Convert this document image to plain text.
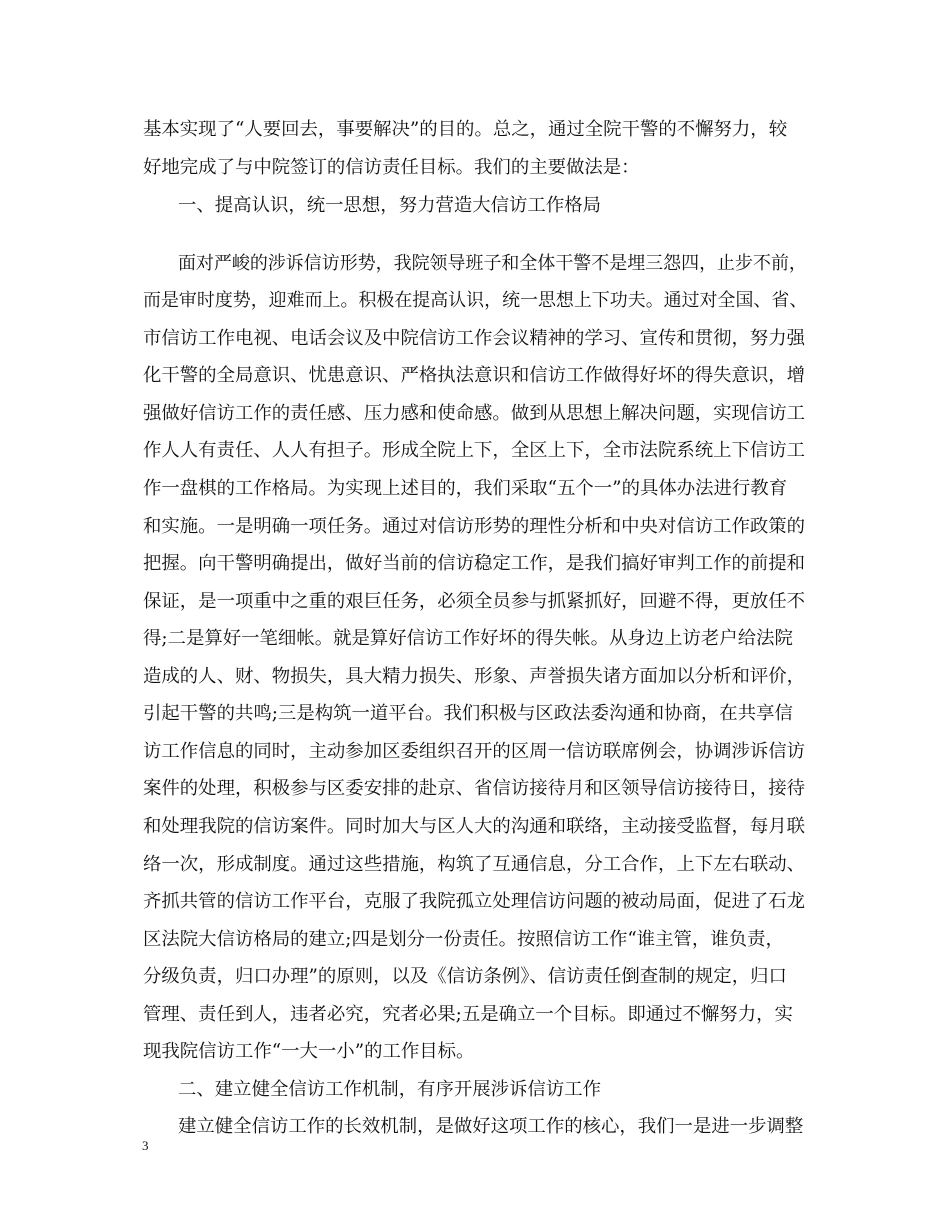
基本实现了“人要回去，事要解决”的目的。总之，通过全院干警的不懈努力，较
好地完成了与中院签订的信访责任目标。我们的主要做法是：
一、提高认识，统一思想，努力营造大信访工作格局
面对严峻的涉诉信访形势，我院领导班子和全体干警不是埋三怨四，止步不前，
而是审时度势，迎难而上。积极在提高认识，统一思想上下功夫。通过对全国、省、
市信访工作电视、电话会议及中院信访工作会议精神的学习、宣传和贯彻，努力强
化干警的全局意识、忧患意识、严格执法意识和信访工作做得好坏的得失意识，增
强做好信访工作的责任感、压力感和使命感。做到从思想上解决问题，实现信访工
作人人有责任、人人有担子。形成全院上下，全区上下，全市法院系统上下信访工
作一盘棋的工作格局。为实现上述目的，我们采取“五个一”的具体办法进行教育
和实施。一是明确一项任务。通过对信访形势的理性分析和中央对信访工作政策的
把握。向干警明确提出，做好当前的信访稳定工作，是我们搞好审判工作的前提和
保证，是一项重中之重的艰巨任务，必须全员参与抓紧抓好，回避不得，更放任不
得;二是算好一笔细帐。就是算好信访工作好坏的得失帐。从身边上访老户给法院
造成的人、财、物损失，具大精力损失、形象、声誉损失诸方面加以分析和评价，
引起干警的共鸣;三是构筑一道平台。我们积极与区政法委沟通和协商，在共享信
访工作信息的同时，主动参加区委组织召开的区周一信访联席例会，协调涉诉信访
案件的处理，积极参与区委安排的赴京、省信访接待月和区领导信访接待日，接待
和处理我院的信访案件。同时加大与区人大的沟通和联络，主动接受监督，每月联
络一次，形成制度。通过这些措施，构筑了互通信息，分工合作，上下左右联动、
齐抓共管的信访工作平台，克服了我院孤立处理信访问题的被动局面，促进了石龙
区法院大信访格局的建立;四是划分一份责任。按照信访工作“谁主管，谁负责，
分级负责，归口办理”的原则，以及《信访条例》、信访责任倒查制的规定，归口
管理、责任到人，违者必究，究者必果;五是确立一个目标。即通过不懈努力，实
现我院信访工作“一大一小”的工作目标。
二、建立健全信访工作机制，有序开展涉诉信访工作
建立健全信访工作的长效机制，是做好这项工作的核心，我们一是进一步调整
3
